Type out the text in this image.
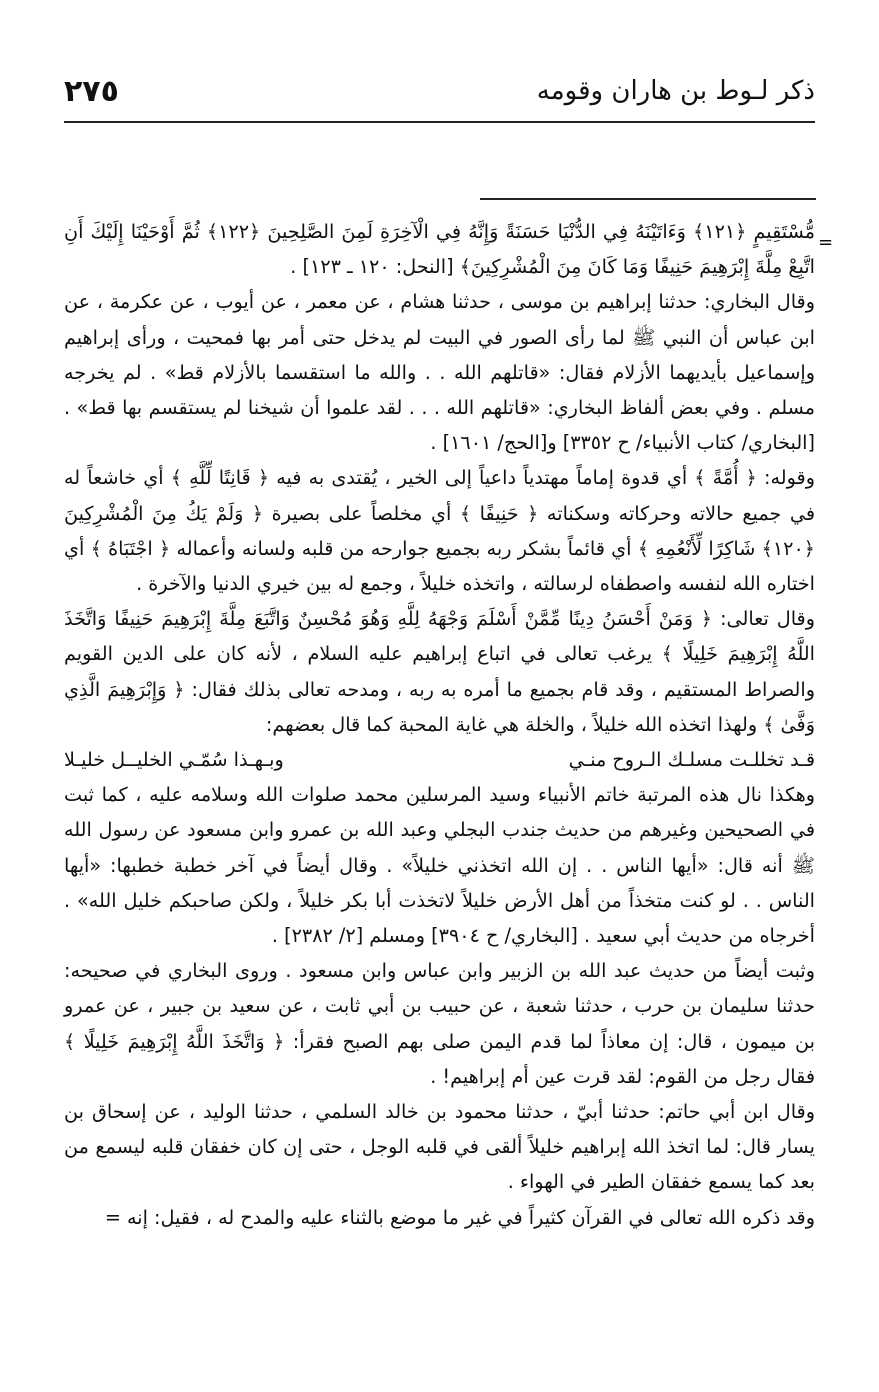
ذكر لـوط بن هاران وقومه
٢٧٥
=

مُّسْتَقِيمٍ ﴿١٢١﴾ وَءَاتَيْنَهُ فِي الدُّنْيَا حَسَنَةً وَإِنَّهُ فِي الْآخِرَةِ لَمِنَ الصَّلِحِينَ ﴿١٢٢﴾ ثُمَّ أَوْحَيْنَا إِلَيْكَ أَنِ اتَّبِعْ مِلَّةَ إِبْرَهِيمَ حَنِيفًا وَمَا كَانَ مِنَ الْمُشْرِكِينَ﴾ [النحل: ١٢٠ ـ ١٢٣] .

وقال البخاري: حدثنا إبراهيم بن موسى ، حدثنا هشام ، عن معمر ، عن أيوب ، عن عكرمة ، عن ابن عباس أن النبي ﷺ لما رأى الصور في البيت لم يدخل حتى أمر بها فمحيت ، ورأى إبراهيم وإسماعيل بأيديهما الأزلام فقال: «قاتلهم الله . . والله ما استقسما بالأزلام قط» . لم يخرجه مسلم . وفي بعض ألفاظ البخاري: «قاتلهم الله . . . لقد علموا أن شيخنا لم يستقسم بها قط» . [البخاري/ كتاب الأنبياء/ ح ٣٣٥٢] و[الحج/ ١٦٠١] .

وقوله: ﴿ أُمَّةً ﴾ أي قدوة إماماً مهتدياً داعياً إلى الخير ، يُقتدى به فيه ﴿ قَانِتًا لِّلَّهِ ﴾ أي خاشعاً له في جميع حالاته وحركاته وسكناته ﴿ حَنِيفًا ﴾ أي مخلصاً على بصيرة ﴿ وَلَمْ يَكُ مِنَ الْمُشْرِكِينَ ﴿١٢٠﴾ شَاكِرًا لِّأَنْعُمِهِ ﴾ أي قائماً بشكر ربه بجميع جوارحه من قلبه ولسانه وأعماله ﴿ اجْتَبَاهُ ﴾ أي اختاره الله لنفسه واصطفاه لرسالته ، واتخذه خليلاً ، وجمع له بين خيري الدنيا والآخرة .

وقال تعالى: ﴿ وَمَنْ أَحْسَنُ دِينًا مِّمَّنْ أَسْلَمَ وَجْهَهُ لِلَّهِ وَهُوَ مُحْسِنٌ وَاتَّبَعَ مِلَّةَ إِبْرَهِيمَ حَنِيفًا وَاتَّخَذَ اللَّهُ إِبْرَهِيمَ خَلِيلًا ﴾ يرغب تعالى في اتباع إبراهيم عليه السلام ، لأنه كان على الدين القويم والصراط المستقيم ، وقد قام بجميع ما أمره به ربه ، ومدحه تعالى بذلك فقال: ﴿ وَإِبْرَهِيمَ الَّذِي وَفَّىٰ ﴾ ولهذا اتخذه الله خليلاً ، والخلة هي غاية المحبة كما قال بعضهم:

قـد تخللـت مسلـك الـروح منـي
وبـهـذا سُمّـي الخليــل خليـلا

وهكذا نال هذه المرتبة خاتم الأنبياء وسيد المرسلين محمد صلوات الله وسلامه عليه ، كما ثبت في الصحيحين وغيرهم من حديث جندب البجلي وعبد الله بن عمرو وابن مسعود عن رسول الله ﷺ أنه قال: «أيها الناس . . إن الله اتخذني خليلاً» . وقال أيضاً في آخر خطبة خطبها: «أيها الناس . . لو كنت متخذاً من أهل الأرض خليلاً لاتخذت أبا بكر خليلاً ، ولكن صاحبكم خليل الله» . أخرجاه من حديث أبي سعيد . [البخاري/ ح ٣٩٠٤] ومسلم [٢/ ٢٣٨٢] .

وثبت أيضاً من حديث عبد الله بن الزبير وابن عباس وابن مسعود . وروى البخاري في صحيحه: حدثنا سليمان بن حرب ، حدثنا شعبة ، عن حبيب بن أبي ثابت ، عن سعيد بن جبير ، عن عمرو بن ميمون ، قال: إن معاذاً لما قدم اليمن صلى بهم الصبح فقرأ: ﴿ وَاتَّخَذَ اللَّهُ إِبْرَهِيمَ خَلِيلًا ﴾ فقال رجل من القوم: لقد قرت عين أم إبراهيم! .

وقال ابن أبي حاتم: حدثنا أبيّ ، حدثنا محمود بن خالد السلمي ، حدثنا الوليد ، عن إسحاق بن يسار قال: لما اتخذ الله إبراهيم خليلاً ألقى في قلبه الوجل ، حتى إن كان خفقان قلبه ليسمع من بعد كما يسمع خفقان الطير في الهواء .

وقد ذكره الله تعالى في القرآن كثيراً في غير ما موضع بالثناء عليه والمدح له ، فقيل: إنه =
